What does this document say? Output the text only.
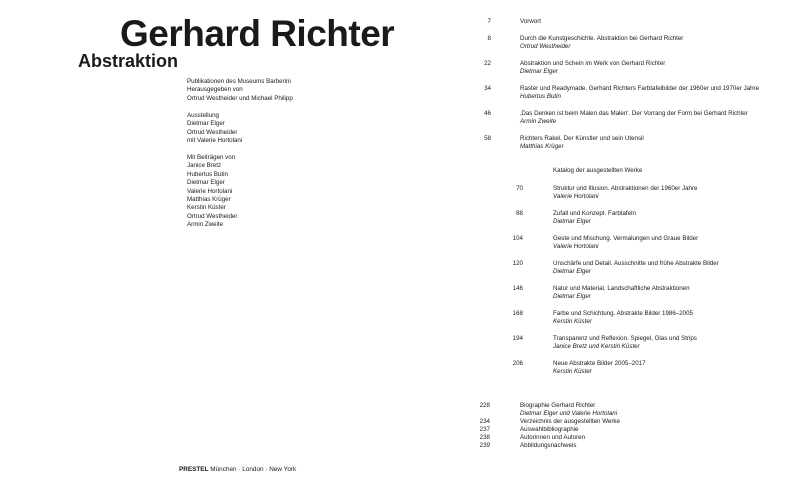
Gerhard Richter
Abstraktion
Publikationen des Museums Barberini
Herausgegeben von
Ortrud Westheider und Michael Philipp
Ausstellung
Dietmar Elger
Ortrud Westheider
mit Valerie Hortolani
Mit Beiträgen von
Janice Bretz
Hubertus Butin
Dietmar Elger
Valerie Hortolani
Matthias Krüger
Kerstin Küster
Ortrud Westheider
Armin Zweite
PRESTEL München · London · New York
7	Vorwort
8	Durch die Kunstgeschichte. Abstraktion bei Gerhard Richter
Ortrud Westheider
22	Abstraktion und Schein im Werk von Gerhard Richter
Dietmar Elger
34	Raster und Readymade. Gerhard Richters Farbtafelbilder der 1960er und 1970er Jahre
Hubertus Butin
46	‚Das Denken ist beim Malen das Malen'. Der Vorrang der Form bei Gerhard Richter
Armin Zweite
58	Richters Rakel. Der Künstler und sein Utensil
Matthias Krüger
70	Struktur und Illusion. Abstraktionen der 1960er Jahre
Valerie Hortolani
88	Zufall und Konzept. Farbtafeln
Dietmar Elger
104	Geste und Mischung. Vermalungen und Graue Bilder
Valerie Hortolani
120	Unschärfe und Detail. Ausschnitte und frühe Abstrakte Bilder
Dietmar Elger
146	Natur und Material. Landschaftliche Abstraktionen
Dietmar Elger
168	Farbe und Schichtung. Abstrakte Bilder 1986–2005
Kerstin Küster
194	Transparenz und Reflexion. Spiegel, Glas und Strips
Janice Bretz und Kerstin Küster
206	Neue Abstrakte Bilder 2005–2017
Kerstin Küster
228	Biographie Gerhard Richter
Dietmar Elger und Valerie Hortolani
234	Verzeichnis der ausgestellten Werke
237	Auswahlbibliographie
238	Autorinnen und Autoren
239	Abbildungsnachweis
Katalog der ausgestellten Werke
